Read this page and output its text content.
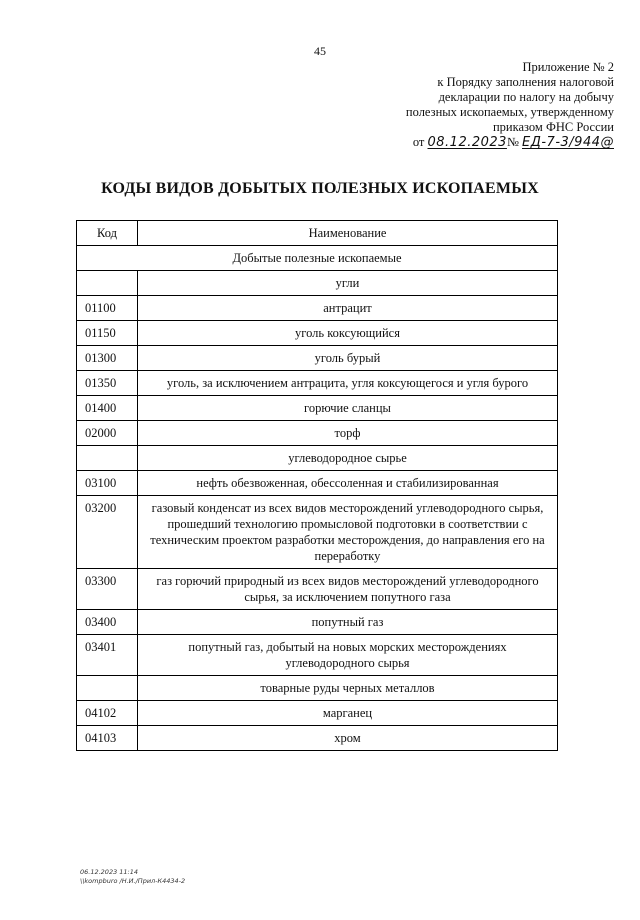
45
Приложение № 2
к Порядку заполнения налоговой
декларации по налогу на добычу
полезных ископаемых, утвержденному
приказом ФНС России
от 08.12.2023№ ЕД-7-3/944@
КОДЫ ВИДОВ ДОБЫТЫХ ПОЛЕЗНЫХ ИСКОПАЕМЫХ
Код	Наименование
Добытые полезные ископаемые	
	угли
01100	антрацит
01150	уголь коксующийся
01300	уголь бурый
01350	уголь, за исключением антрацита, угля коксующегося и угля бурого
01400	горючие сланцы
02000	торф
	углеводородное сырье
03100	нефть обезвоженная, обессоленная и стабилизированная
03200	газовый конденсат из всех видов месторождений углеводородного сырья, прошедший технологию промысловой подготовки в соответствии с техническим проектом разработки месторождения, до направления его на переработку
03300	газ горючий природный из всех видов месторождений углеводородного сырья, за исключением попутного газа
03400	попутный газ
03401	попутный газ, добытый на новых морских месторождениях углеводородного сырья
	товарные руды черных металлов
04102	марганец
04103	хром
06.12.2023 11:14
\\kompburo /Н.И./Прил-К4434-2
